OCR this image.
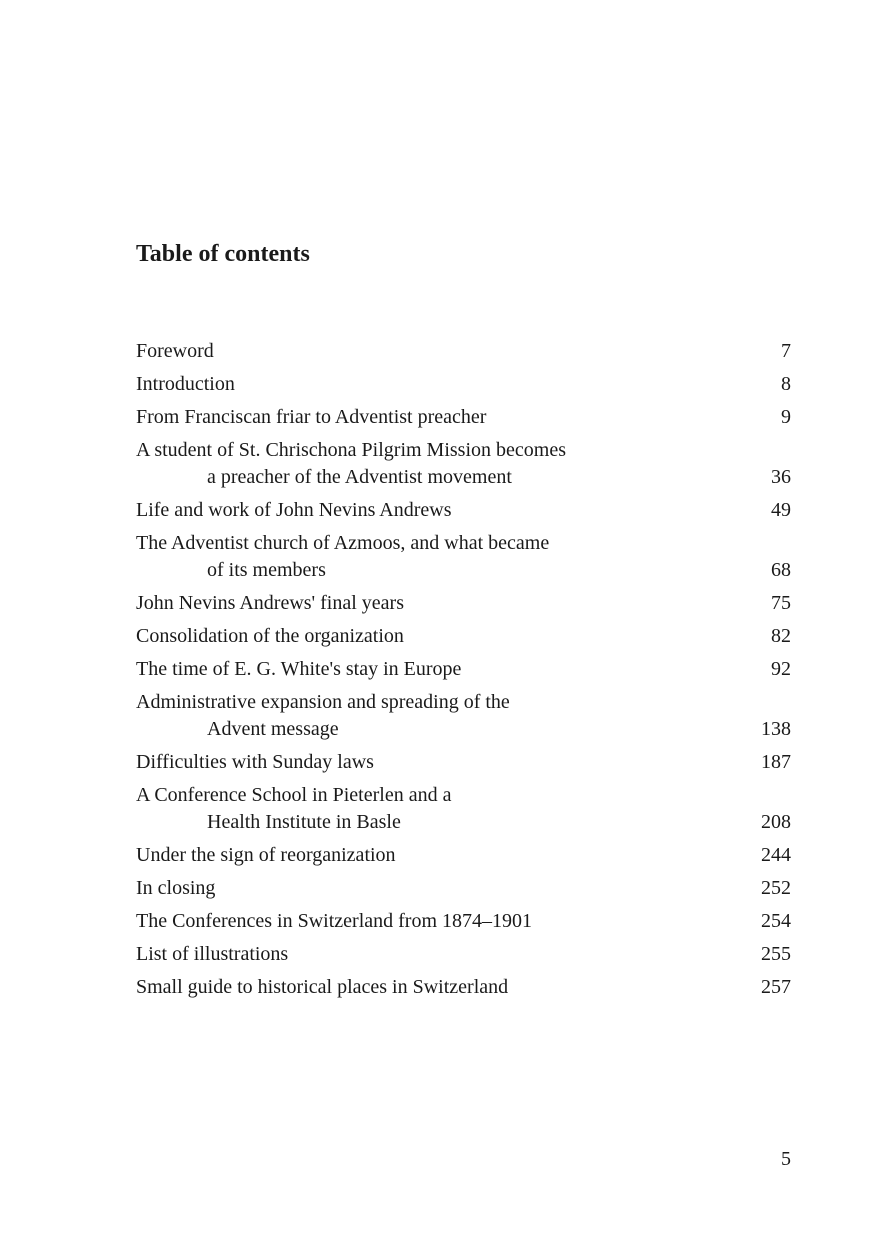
Table of contents
Foreword	7
Introduction	8
From Franciscan friar to Adventist preacher	9
A student of St. Chrischona Pilgrim Mission becomes
a preacher of the Adventist movement	36
Life and work of John Nevins Andrews	49
The Adventist church of Azmoos, and what became
of its members	68
John Nevins Andrews' final years	75
Consolidation of the organization	82
The time of E. G. White's stay in Europe	92
Administrative expansion and spreading of the
Advent message	138
Difficulties with Sunday laws	187
A Conference School in Pieterlen and a
Health Institute in Basle	208
Under the sign of reorganization	244
In closing	252
The Conferences in Switzerland from 1874–1901	254
List of illustrations	255
Small guide to historical places in Switzerland	257
5
